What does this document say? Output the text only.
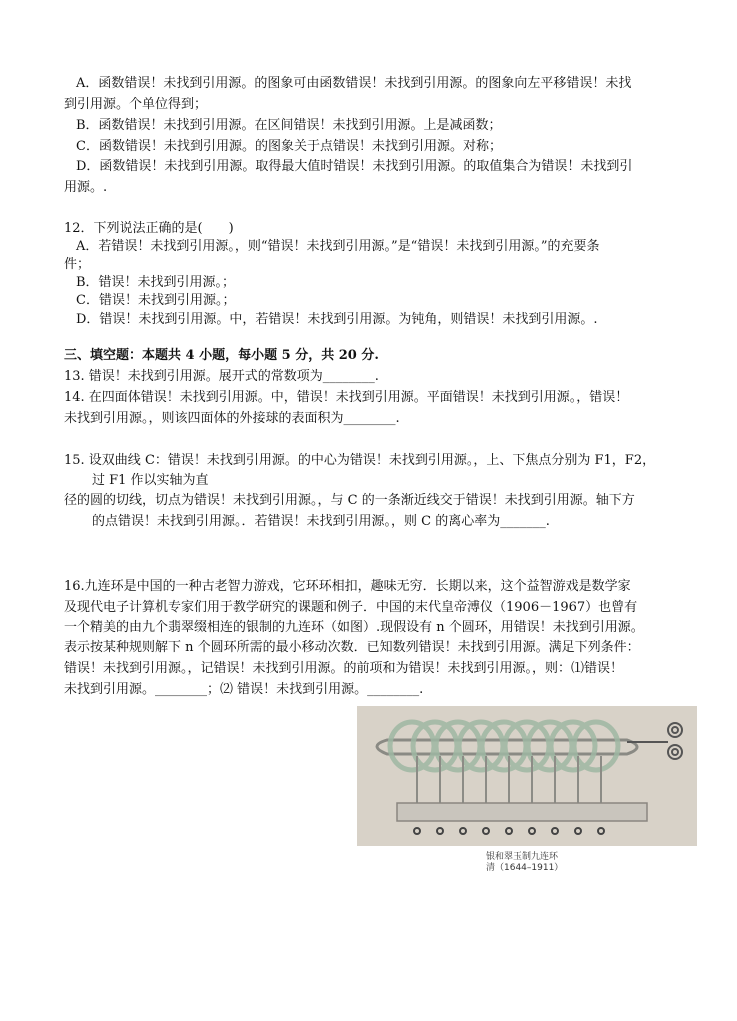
A．函数错误！未找到引用源。的图象可由函数错误！未找到引用源。的图象向左平移错误！未找
到引用源。个单位得到；
B．函数错误！未找到引用源。在区间错误！未找到引用源。上是减函数；
C．函数错误！未找到引用源。的图象关于点错误！未找到引用源。对称；
D．函数错误！未找到引用源。取得最大值时错误！未找到引用源。的取值集合为错误！未找到引
用源。.
12．下列说法正确的是(　　)
A．若错误！未找到引用源。，则“错误！未找到引用源。”是“错误！未找到引用源。”的充要条
件；
B．错误！未找到引用源。；
C．错误！未找到引用源。；
D．错误！未找到引用源。中，若错误！未找到引用源。为钝角，则错误！未找到引用源。.
三、填空题：本题共 4 小题，每小题 5 分，共 20 分.
13. 错误！未找到引用源。展开式的常数项为________.
14. 在四面体错误！未找到引用源。中，错误！未找到引用源。平面错误！未找到引用源。，错误！
未找到引用源。，则该四面体的外接球的表面积为________.
15. 设双曲线 C：错误！未找到引用源。的中心为错误！未找到引用源。，上、下焦点分别为 F1，F2，
过 F1 作以实轴为直
径的圆的切线，切点为错误！未找到引用源。，与 C 的一条渐近线交于错误！未找到引用源。轴下方
的点错误！未找到引用源。．若错误！未找到引用源。，则 C 的离心率为_______.
16.九连环是中国的一种古老智力游戏，它环环相扣，趣味无穷．长期以来，这个益智游戏是数学家
及现代电子计算机专家们用于教学研究的课题和例子．中国的末代皇帝溥仪（1906－1967）也曾有
一个精美的由九个翡翠缀相连的银制的九连环（如图）.现假设有 n 个圆环，用错误！未找到引用源。
表示按某种规则解下 n 个圆环所需的最小移动次数．已知数列错误！未找到引用源。满足下列条件：
错误！未找到引用源。，记错误！未找到引用源。的前项和为错误！未找到引用源。，则：⑴错误！
未找到引用源。________；⑵ 错误！未找到引用源。________.
银和翠玉制九连环
清（1644–1911）
